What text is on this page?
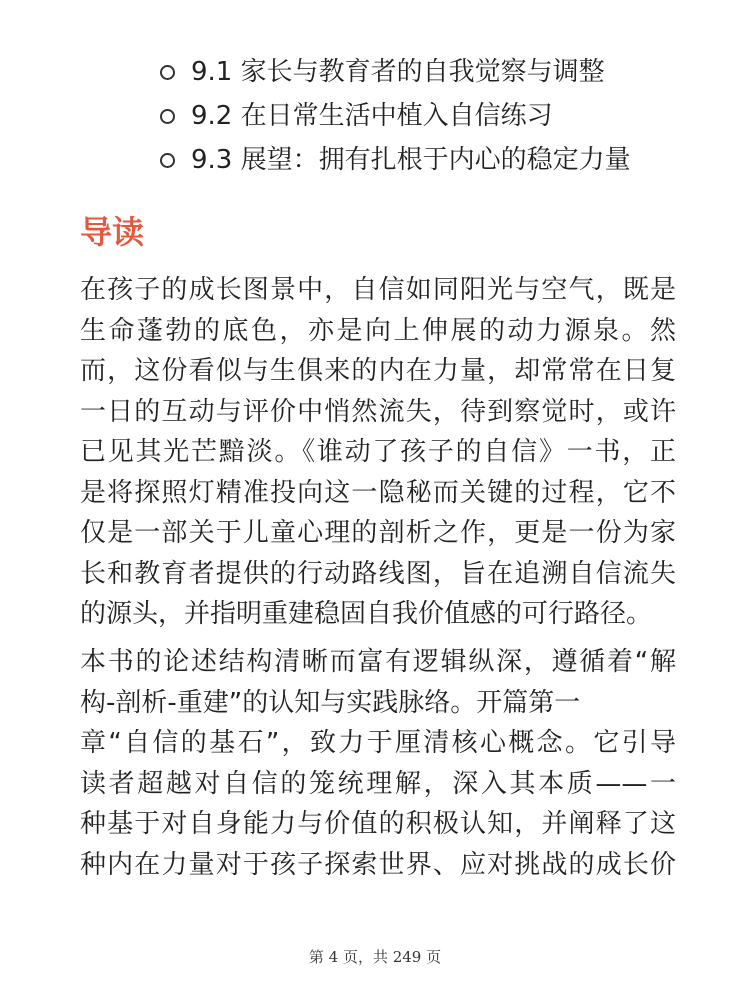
9.1 家长与教育者的自我觉察与调整
9.2 在日常生活中植入自信练习
9.3 展望：拥有扎根于内心的稳定力量
导读

在孩子的成长图景中，自信如同阳光与空气，既是
生命蓬勃的底色，亦是向上伸展的动力源泉。然
而，这份看似与生俱来的内在力量，却常常在日复
一日的互动与评价中悄然流失，待到察觉时，或许
已见其光芒黯淡。《谁动了孩子的自信》一书，正
是将探照灯精准投向这一隐秘而关键的过程，它不
仅是一部关于儿童心理的剖析之作，更是一份为家
长和教育者提供的行动路线图，旨在追溯自信流失
的源头，并指明重建稳固自我价值感的可行路径。

本书的论述结构清晰而富有逻辑纵深，遵循着“解
构-剖析-重建”的认知与实践脉络。开篇第一
章“自信的基石”，致力于厘清核心概念。它引导
读者超越对自信的笼统理解，深入其本质——一
种基于对自身能力与价值的积极认知，并阐释了这
种内在力量对于孩子探索世界、应对挑战的成长价

第 4 页，共 249 页
